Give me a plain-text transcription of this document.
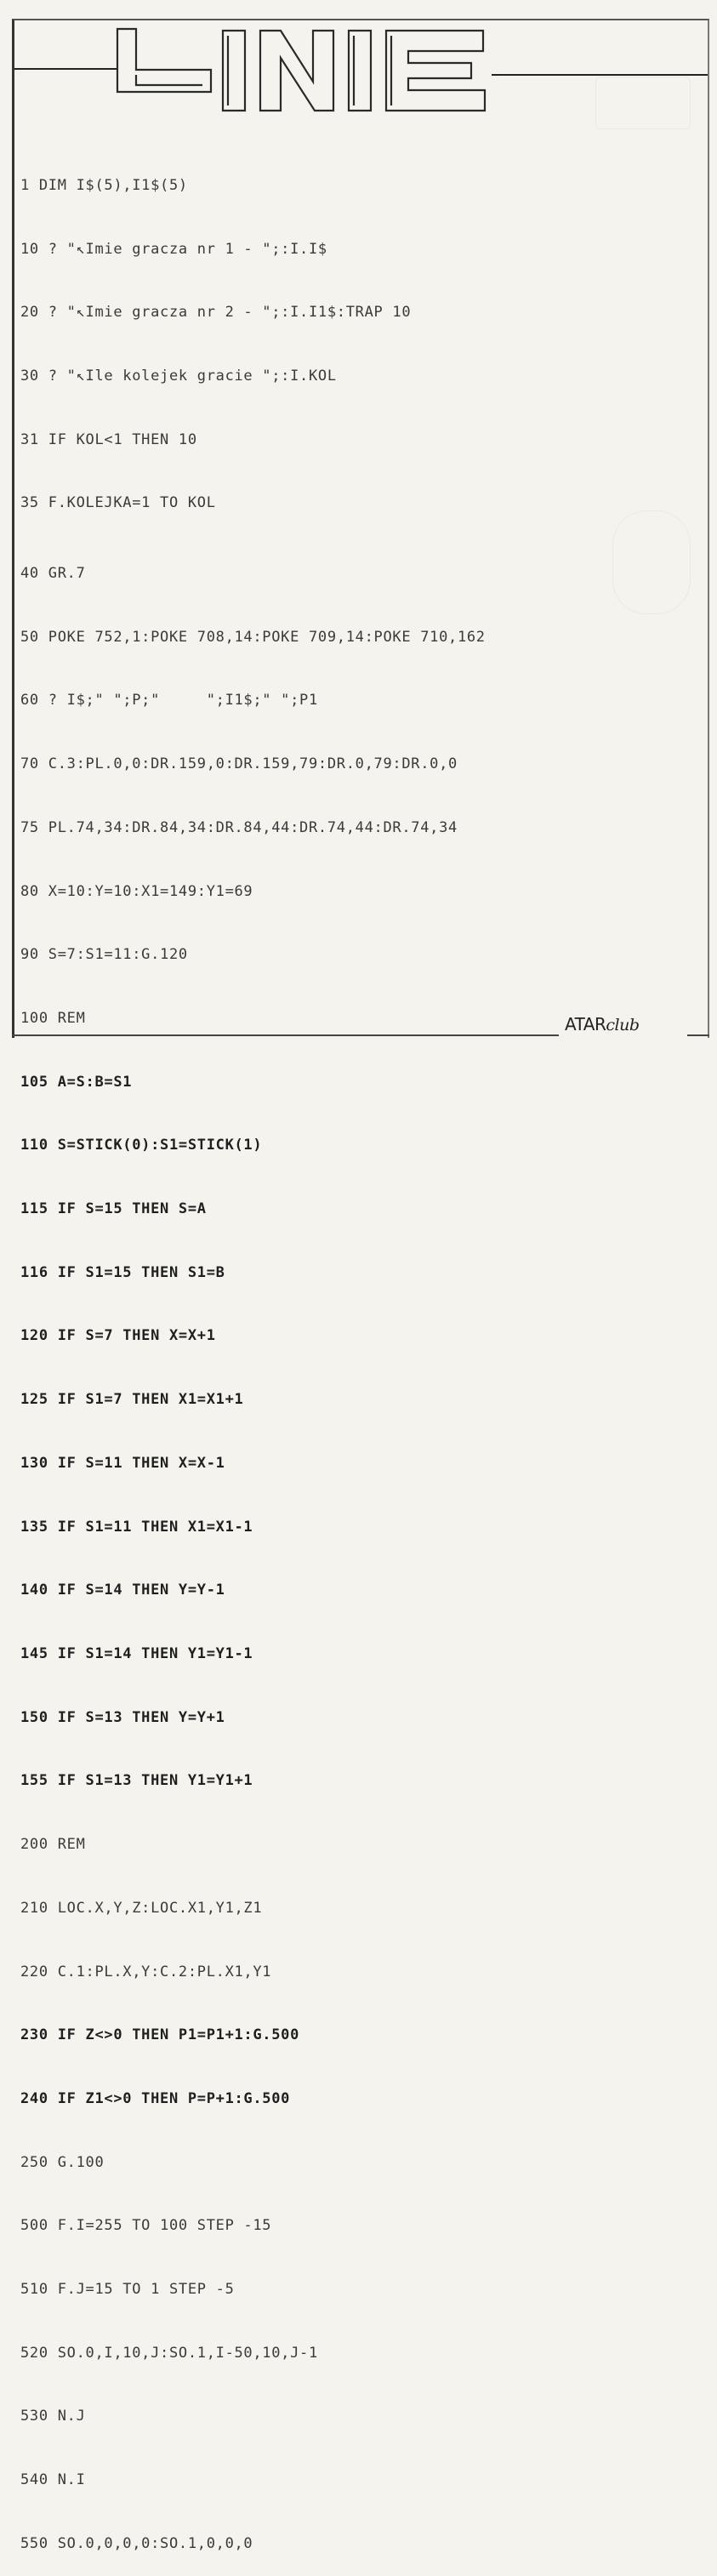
1 DIM I$(5),I1$(5)

10 ? "↖Imie gracza nr 1 - ";:I.I$

20 ? "↖Imie gracza nr 2 - ";:I.I1$:TRAP 10

30 ? "↖Ile kolejek gracie ";:I.KOL

31 IF KOL<1 THEN 10

35 F.KOLEJKA=1 TO KOL

40 GR.7

50 POKE 752,1:POKE 708,14:POKE 709,14:POKE 710,162

60 ? I$;" ";P;"     ";I1$;" ";P1

70 C.3:PL.0,0:DR.159,0:DR.159,79:DR.0,79:DR.0,0

75 PL.74,34:DR.84,34:DR.84,44:DR.74,44:DR.74,34

80 X=10:Y=10:X1=149:Y1=69

90 S=7:S1=11:G.120

100 REM

105 A=S:B=S1

110 S=STICK(0):S1=STICK(1)

115 IF S=15 THEN S=A

116 IF S1=15 THEN S1=B

120 IF S=7 THEN X=X+1

125 IF S1=7 THEN X1=X1+1

130 IF S=11 THEN X=X-1

135 IF S1=11 THEN X1=X1-1

140 IF S=14 THEN Y=Y-1

145 IF S1=14 THEN Y1=Y1-1

150 IF S=13 THEN Y=Y+1

155 IF S1=13 THEN Y1=Y1+1

200 REM

210 LOC.X,Y,Z:LOC.X1,Y1,Z1

220 C.1:PL.X,Y:C.2:PL.X1,Y1

230 IF Z<>0 THEN P1=P1+1:G.500

240 IF Z1<>0 THEN P=P+1:G.500

250 G.100

500 F.I=255 TO 100 STEP -15

510 F.J=15 TO 1 STEP -5

520 SO.0,I,10,J:SO.1,I-50,10,J-1

530 N.J

540 N.I

550 SO.0,0,0,0:SO.1,0,0,0

ATARclub
